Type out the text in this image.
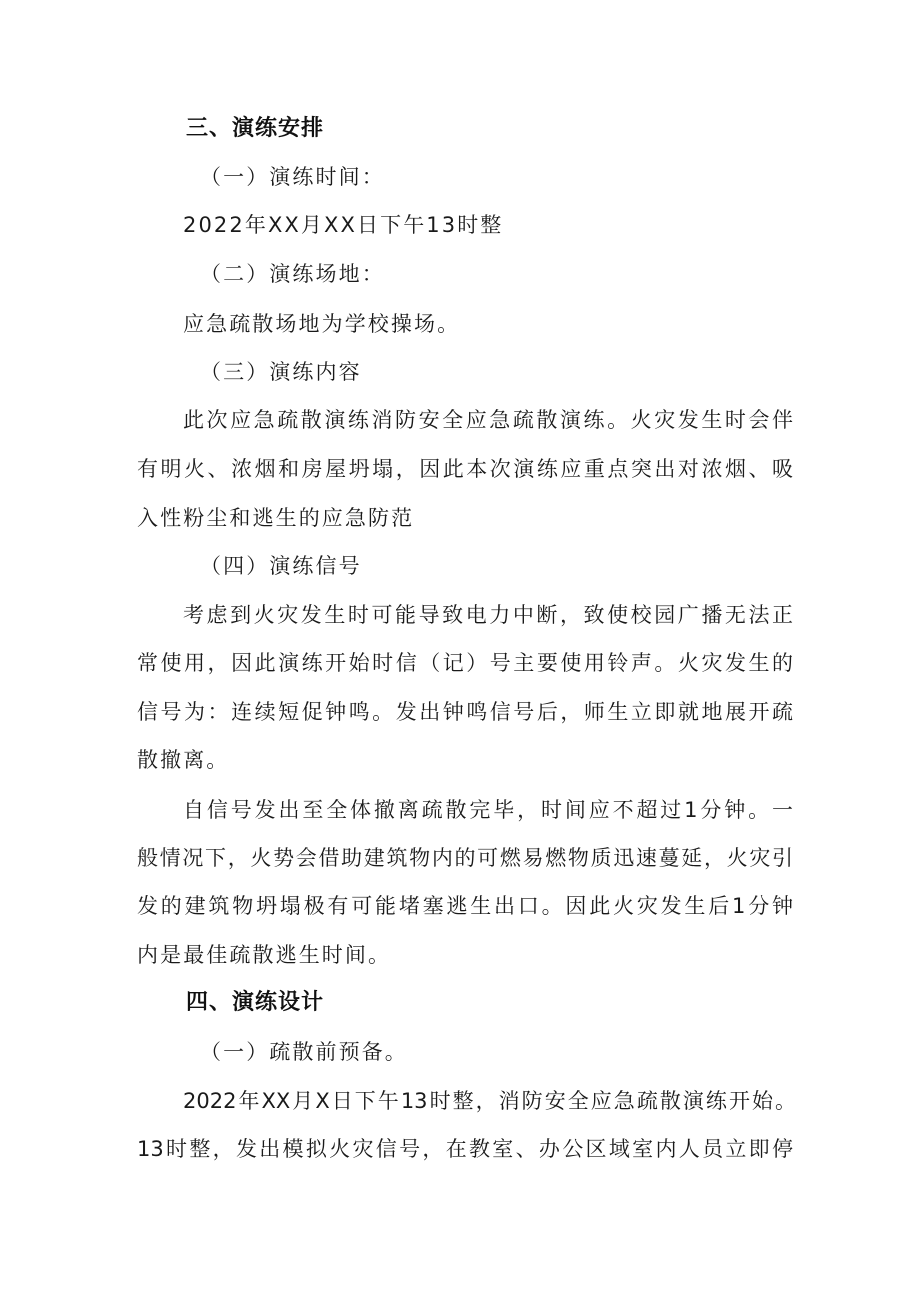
三、演练安排
（一）演练时间：
2022年XX月XX日下午13时整
（二）演练场地：
应急疏散场地为学校操场。
（三）演练内容
此次应急疏散演练消防安全应急疏散演练。火灾发生时会伴
有明火、浓烟和房屋坍塌，因此本次演练应重点突出对浓烟、吸
入性粉尘和逃生的应急防范
（四）演练信号
考虑到火灾发生时可能导致电力中断，致使校园广播无法正
常使用，因此演练开始时信（记）号主要使用铃声。火灾发生的
信号为：连续短促钟鸣。发出钟鸣信号后，师生立即就地展开疏
散撤离。
自信号发出至全体撤离疏散完毕，时间应不超过1分钟。一
般情况下，火势会借助建筑物内的可燃易燃物质迅速蔓延，火灾引
发的建筑物坍塌极有可能堵塞逃生出口。因此火灾发生后1分钟
内是最佳疏散逃生时间。
四、演练设计
（一）疏散前预备。
2022年XX月X日下午13时整，消防安全应急疏散演练开始。
13时整，发出模拟火灾信号，在教室、办公区域室内人员立即停
